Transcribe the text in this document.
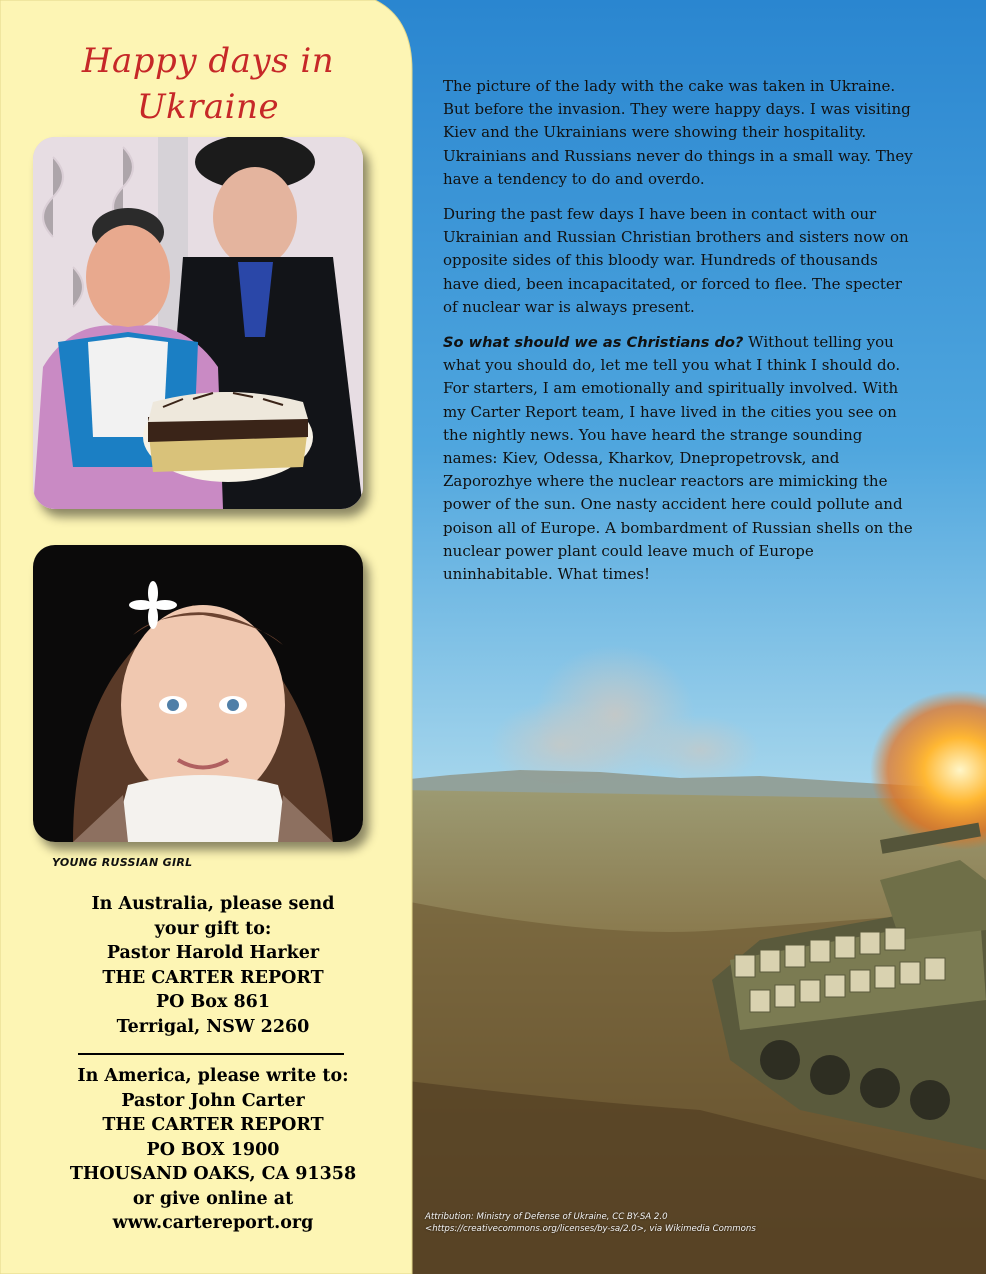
Happy days in
Ukraine
YOUNG RUSSIAN GIRL
In Australia, please send
your gift to:
Pastor Harold Harker
THE CARTER REPORT
PO Box 861
Terrigal, NSW 2260
In America, please write to:
Pastor John Carter
THE CARTER REPORT
PO BOX 1900
THOUSAND OAKS, CA 91358
or give online at
www.cartereport.org

The picture of the lady with the cake was taken in Ukraine. But before the invasion. They were happy days. I was visiting Kiev and the Ukrainians were showing their hospitality. Ukrainians and Russians never do things in a small way. They have a tendency to do and overdo.

During the past few days I have been in contact with our Ukrainian and Russian Christian brothers and sisters now on opposite sides of this bloody war. Hundreds of thousands have died, been incapacitated, or forced to flee. The specter of nuclear war is always present.

So what should we as Christians do? Without telling you what you should do, let me tell you what I think I should do. For starters, I am emotionally and spiritually involved. With my Carter Report team, I have lived in the cities you see on the nightly news. You have heard the strange sounding names: Kiev, Odessa, Kharkov, Dnepropetrovsk, and Zaporozhye where the nuclear reactors are mimicking the power of the sun. One nasty accident here could pollute and poison all of Europe. A bombardment of Russian shells on the nuclear power plant could leave much of Europe uninhabitable. What times!

Attribution: Ministry of Defense of Ukraine, CC BY-SA 2.0 <https://creativecommons.org/licenses/by-sa/2.0>, via Wikimedia Commons
